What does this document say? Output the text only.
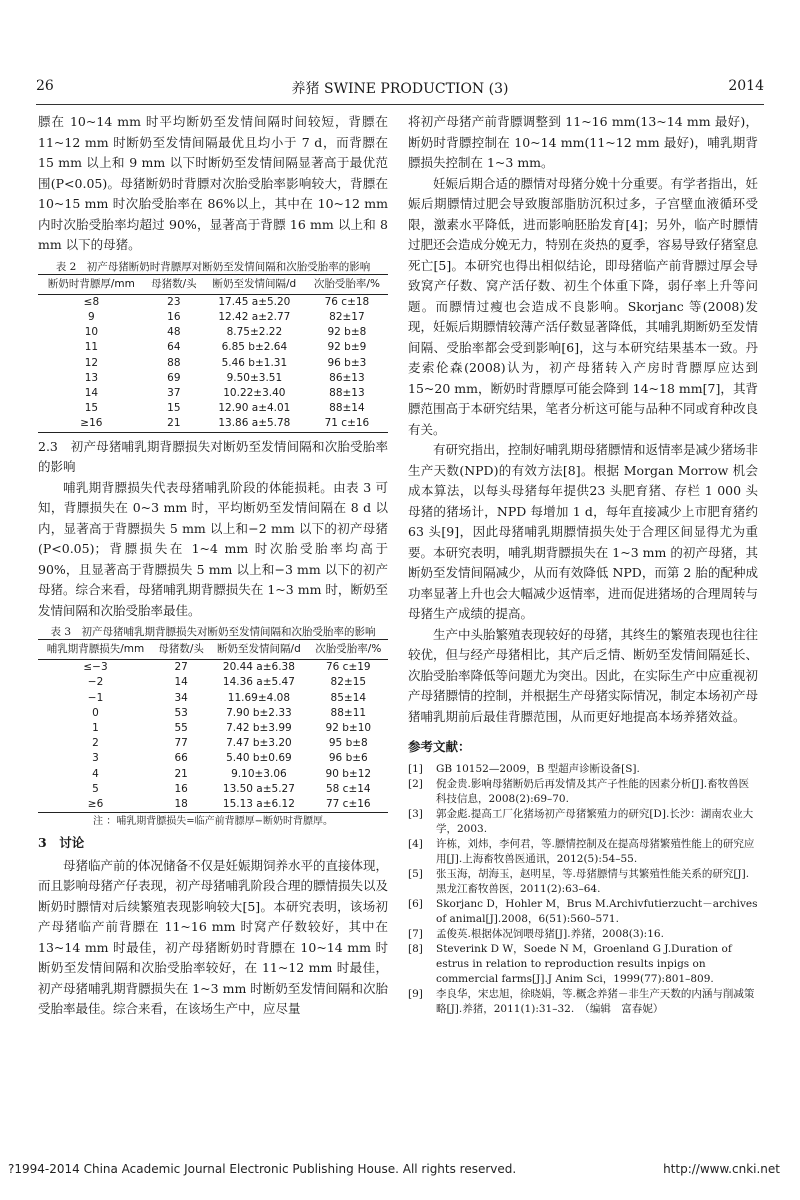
26	养猪 SWINE PRODUCTION (3)	2014

膘在 10~14 mm 时平均断奶至发情间隔时间较短，背膘在 11~12 mm 时断奶至发情间隔最优且均小于 7 d，而背膘在 15 mm 以上和 9 mm 以下时断奶至发情间隔显著高于最优范围(P<0.05)。母猪断奶时背膘对次胎受胎率影响较大，背膘在 10~15 mm 时次胎受胎率在 86%以上，其中在 10~12 mm 内时次胎受胎率均超过 90%，显著高于背膘 16 mm 以上和 8 mm 以下的母猪。

表 2　初产母猪断奶时背膘厚对断奶至发情间隔和次胎受胎率的影响
断奶时背膘厚/mm	母猪数/头	断奶至发情间隔/d	次胎受胎率/%
≤8	23	17.45 a±5.20	76 c±18
9	16	12.42 a±2.77	82±17
10	48	8.75±2.22	92 b±8
11	64	6.85 b±2.64	92 b±9
12	88	5.46 b±1.31	96 b±3
13	69	9.50±3.51	86±13
14	37	10.22±3.40	88±13
15	15	12.90 a±4.01	88±14
≥16	21	13.86 a±5.78	71 c±16

2.3　初产母猪哺乳期背膘损失对断奶至发情间隔和次胎受胎率的影响

哺乳期背膘损失代表母猪哺乳阶段的体能损耗。由表 3 可知，背膘损失在 0~3 mm 时，平均断奶至发情间隔在 8 d 以内，显著高于背膘损失 5 mm 以上和−2 mm 以下的初产母猪(P<0.05)；背膘损失在 1~4 mm 时次胎受胎率均高于 90%，且显著高于背膘损失 5 mm 以上和−3 mm 以下的初产母猪。综合来看，母猪哺乳期背膘损失在 1~3 mm 时，断奶至发情间隔和次胎受胎率最佳。

表 3　初产母猪哺乳期背膘损失对断奶至发情间隔和次胎受胎率的影响
哺乳期背膘损失/mm	母猪数/头	断奶至发情间隔/d	次胎受胎率/%
≤−3	27	20.44 a±6.38	76 c±19
−2	14	14.36 a±5.47	82±15
−1	34	11.69±4.08	85±14
0	53	7.90 b±2.33	88±11
1	55	7.42 b±3.99	92 b±10
2	77	7.47 b±3.20	95 b±8
3	66	5.40 b±0.69	96 b±6
4	21	9.10±3.06	90 b±12
5	16	13.50 a±5.27	58 c±14
≥6	18	15.13 a±6.12	77 c±16
注 ：哺乳期背膘损失=临产前背膘厚−断奶时背膘厚。

3　讨论

母猪临产前的体况储备不仅是妊娠期饲养水平的直接体现，而且影响母猪产仔表现，初产母猪哺乳阶段合理的膘情损失以及断奶时膘情对后续繁殖表现影响较大[5]。本研究表明，该场初产母猪临产前背膘在 11~16 mm 时窝产仔数较好，其中在 13~14 mm 时最佳，初产母猪断奶时背膘在 10~14 mm 时断奶至发情间隔和次胎受胎率较好，在 11~12 mm 时最佳，初产母猪哺乳期背膘损失在 1~3 mm 时断奶至发情间隔和次胎受胎率最佳。综合来看，在该场生产中，应尽量

将初产母猪产前背膘调整到 11~16 mm(13~14 mm 最好)，断奶时背膘控制在 10~14 mm(11~12 mm 最好)，哺乳期背膘损失控制在 1~3 mm。

妊娠后期合适的膘情对母猪分娩十分重要。有学者指出，妊娠后期膘情过肥会导致腹部脂肪沉积过多，子宫壁血液循环受限，激素水平降低，进而影响胚胎发育[4]；另外，临产时膘情过肥还会造成分娩无力，特别在炎热的夏季，容易导致仔猪窒息死亡[5]。本研究也得出相似结论，即母猪临产前背膘过厚会导致窝产仔数、窝产活仔数、初生个体重下降，弱仔率上升等问题。而膘情过瘦也会造成不良影响。Skorjanc 等(2008)发现，妊娠后期膘情较薄产活仔数显著降低，其哺乳期断奶至发情间隔、受胎率都会受到影响[6]，这与本研究结果基本一致。丹麦索伦森(2008)认为，初产母猪转入产房时背膘厚应达到 15~20 mm，断奶时背膘厚可能会降到 14~18 mm[7]，其背膘范围高于本研究结果，笔者分析这可能与品种不同或育种改良有关。

有研究指出，控制好哺乳期母猪膘情和返情率是减少猪场非生产天数(NPD)的有效方法[8]。根据 Morgan Morrow 机会成本算法，以每头母猪每年提供23 头肥育猪、存栏 1 000 头母猪的猪场计，NPD 每增加 1 d，每年直接减少上市肥育猪约 63 头[9]，因此母猪哺乳期膘情损失处于合理区间显得尤为重要。本研究表明，哺乳期背膘损失在 1~3 mm 的初产母猪，其断奶至发情间隔减少，从而有效降低 NPD，而第 2 胎的配种成功率显著上升也会大幅减少返情率，进而促进猪场的合理周转与母猪生产成绩的提高。

生产中头胎繁殖表现较好的母猪，其终生的繁殖表现也往往较优，但与经产母猪相比，其产后乏情、断奶至发情间隔延长、次胎受胎率降低等问题尤为突出。因此，在实际生产中应重视初产母猪膘情的控制，并根据生产母猪实际情况，制定本场初产母猪哺乳期前后最佳背膘范围，从而更好地提高本场养猪效益。

参考文献：
[1] GB 10152—2009，B 型超声诊断设备[S].
[2] 倪金贵.影响母猪断奶后再发情及其产子性能的因素分析[J].畜牧兽医科技信息，2008(2):69–70.
[3] 郭金彪.提高工厂化猪场初产母猪繁殖力的研究[D].长沙：湖南农业大学，2003.
[4] 许栋，刘炜，李何君，等.膘情控制及在提高母猪繁殖性能上的研究应用[J].上海畜牧兽医通讯，2012(5):54–55.
[5] 张玉海，胡海玉，赵明星，等.母猪膘情与其繁殖性能关系的研究[J].黑龙江畜牧兽医，2011(2):63–64.
[6] Skorjanc D，Hohler M，Brus M.Archivfutierzucht－archives of animal[J].2008，6(51):560–571.
[7] 孟俊英.根据体况饲喂母猪[J].养猪，2008(3):16.
[8] Steverink D W，Soede N M，Groenland G J.Duration of estrus in relation to reproduction results inpigs on commercial farms[J].J Anim Sci，1999(77):801–809.
[9] 李良华，宋忠旭，徐晓娟，等.概念养猪－非生产天数的内涵与削减策略[J].养猪，2011(1):31–32.　（编辑　富春妮）
?1994-2014 China Academic Journal Electronic Publishing House. All rights reserved.	http://www.cnki.net
